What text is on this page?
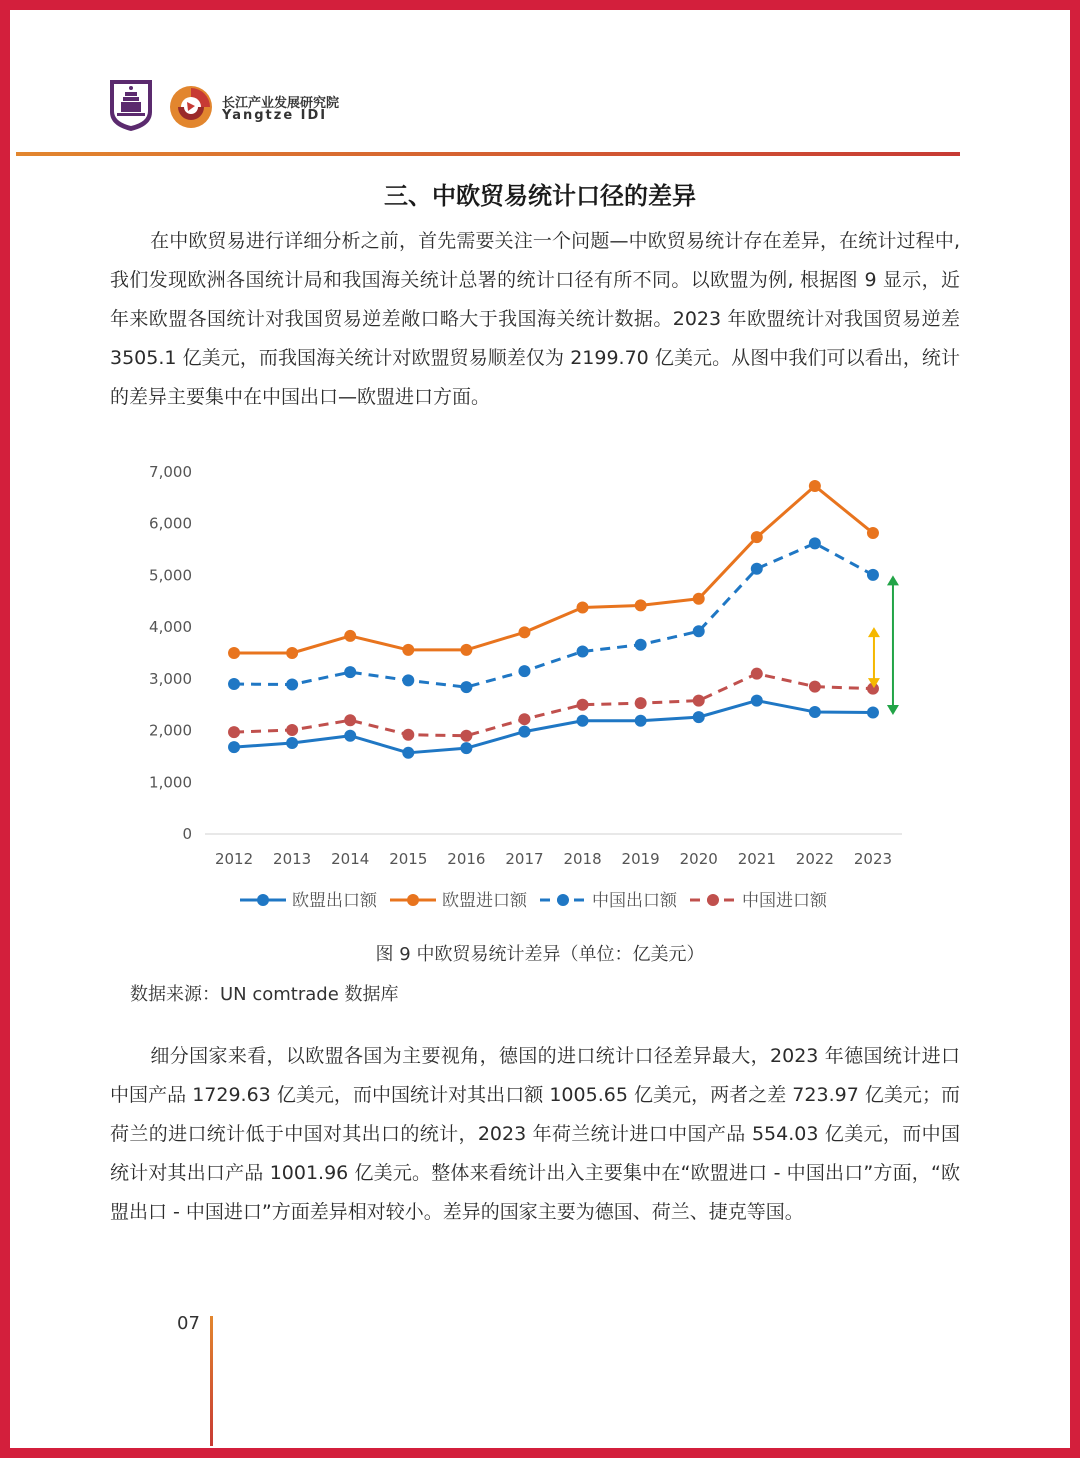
长江产业发展研究院
Yangtze IDI
三、中欧贸易统计口径的差异

在中欧贸易进行详细分析之前，首先需要关注一个问题—中欧贸易统计存在差异，在统计过程中, 我们发现欧洲各国统计局和我国海关统计总署的统计口径有所不同。以欧盟为例, 根据图 9 显示，近年来欧盟各国统计对我国贸易逆差敞口略大于我国海关统计数据。2023 年欧盟统计对我国贸易逆差 3505.1 亿美元，而我国海关统计对欧盟贸易顺差仅为 2199.70 亿美元。从图中我们可以看出，统计的差异主要集中在中国出口—欧盟进口方面。

0
1,000
2,000
3,000
4,000
5,000
6,000
7,000
2012 2013 2014 2015 2016 2017 2018 2019 2020 2021 2022 2023
欧盟出口额	欧盟进口额	中国出口额	中国进口额
图 9 中欧贸易统计差异（单位：亿美元）
数据来源：UN comtrade 数据库

细分国家来看，以欧盟各国为主要视角，德国的进口统计口径差异最大，2023 年德国统计进口中国产品 1729.63 亿美元，而中国统计对其出口额 1005.65 亿美元，两者之差 723.97 亿美元；而荷兰的进口统计低于中国对其出口的统计，2023 年荷兰统计进口中国产品 554.03 亿美元，而中国统计对其出口产品 1001.96 亿美元。整体来看统计出入主要集中在“欧盟进口 - 中国出口”方面，“欧盟出口 - 中国进口”方面差异相对较小。差异的国家主要为德国、荷兰、捷克等国。

07
